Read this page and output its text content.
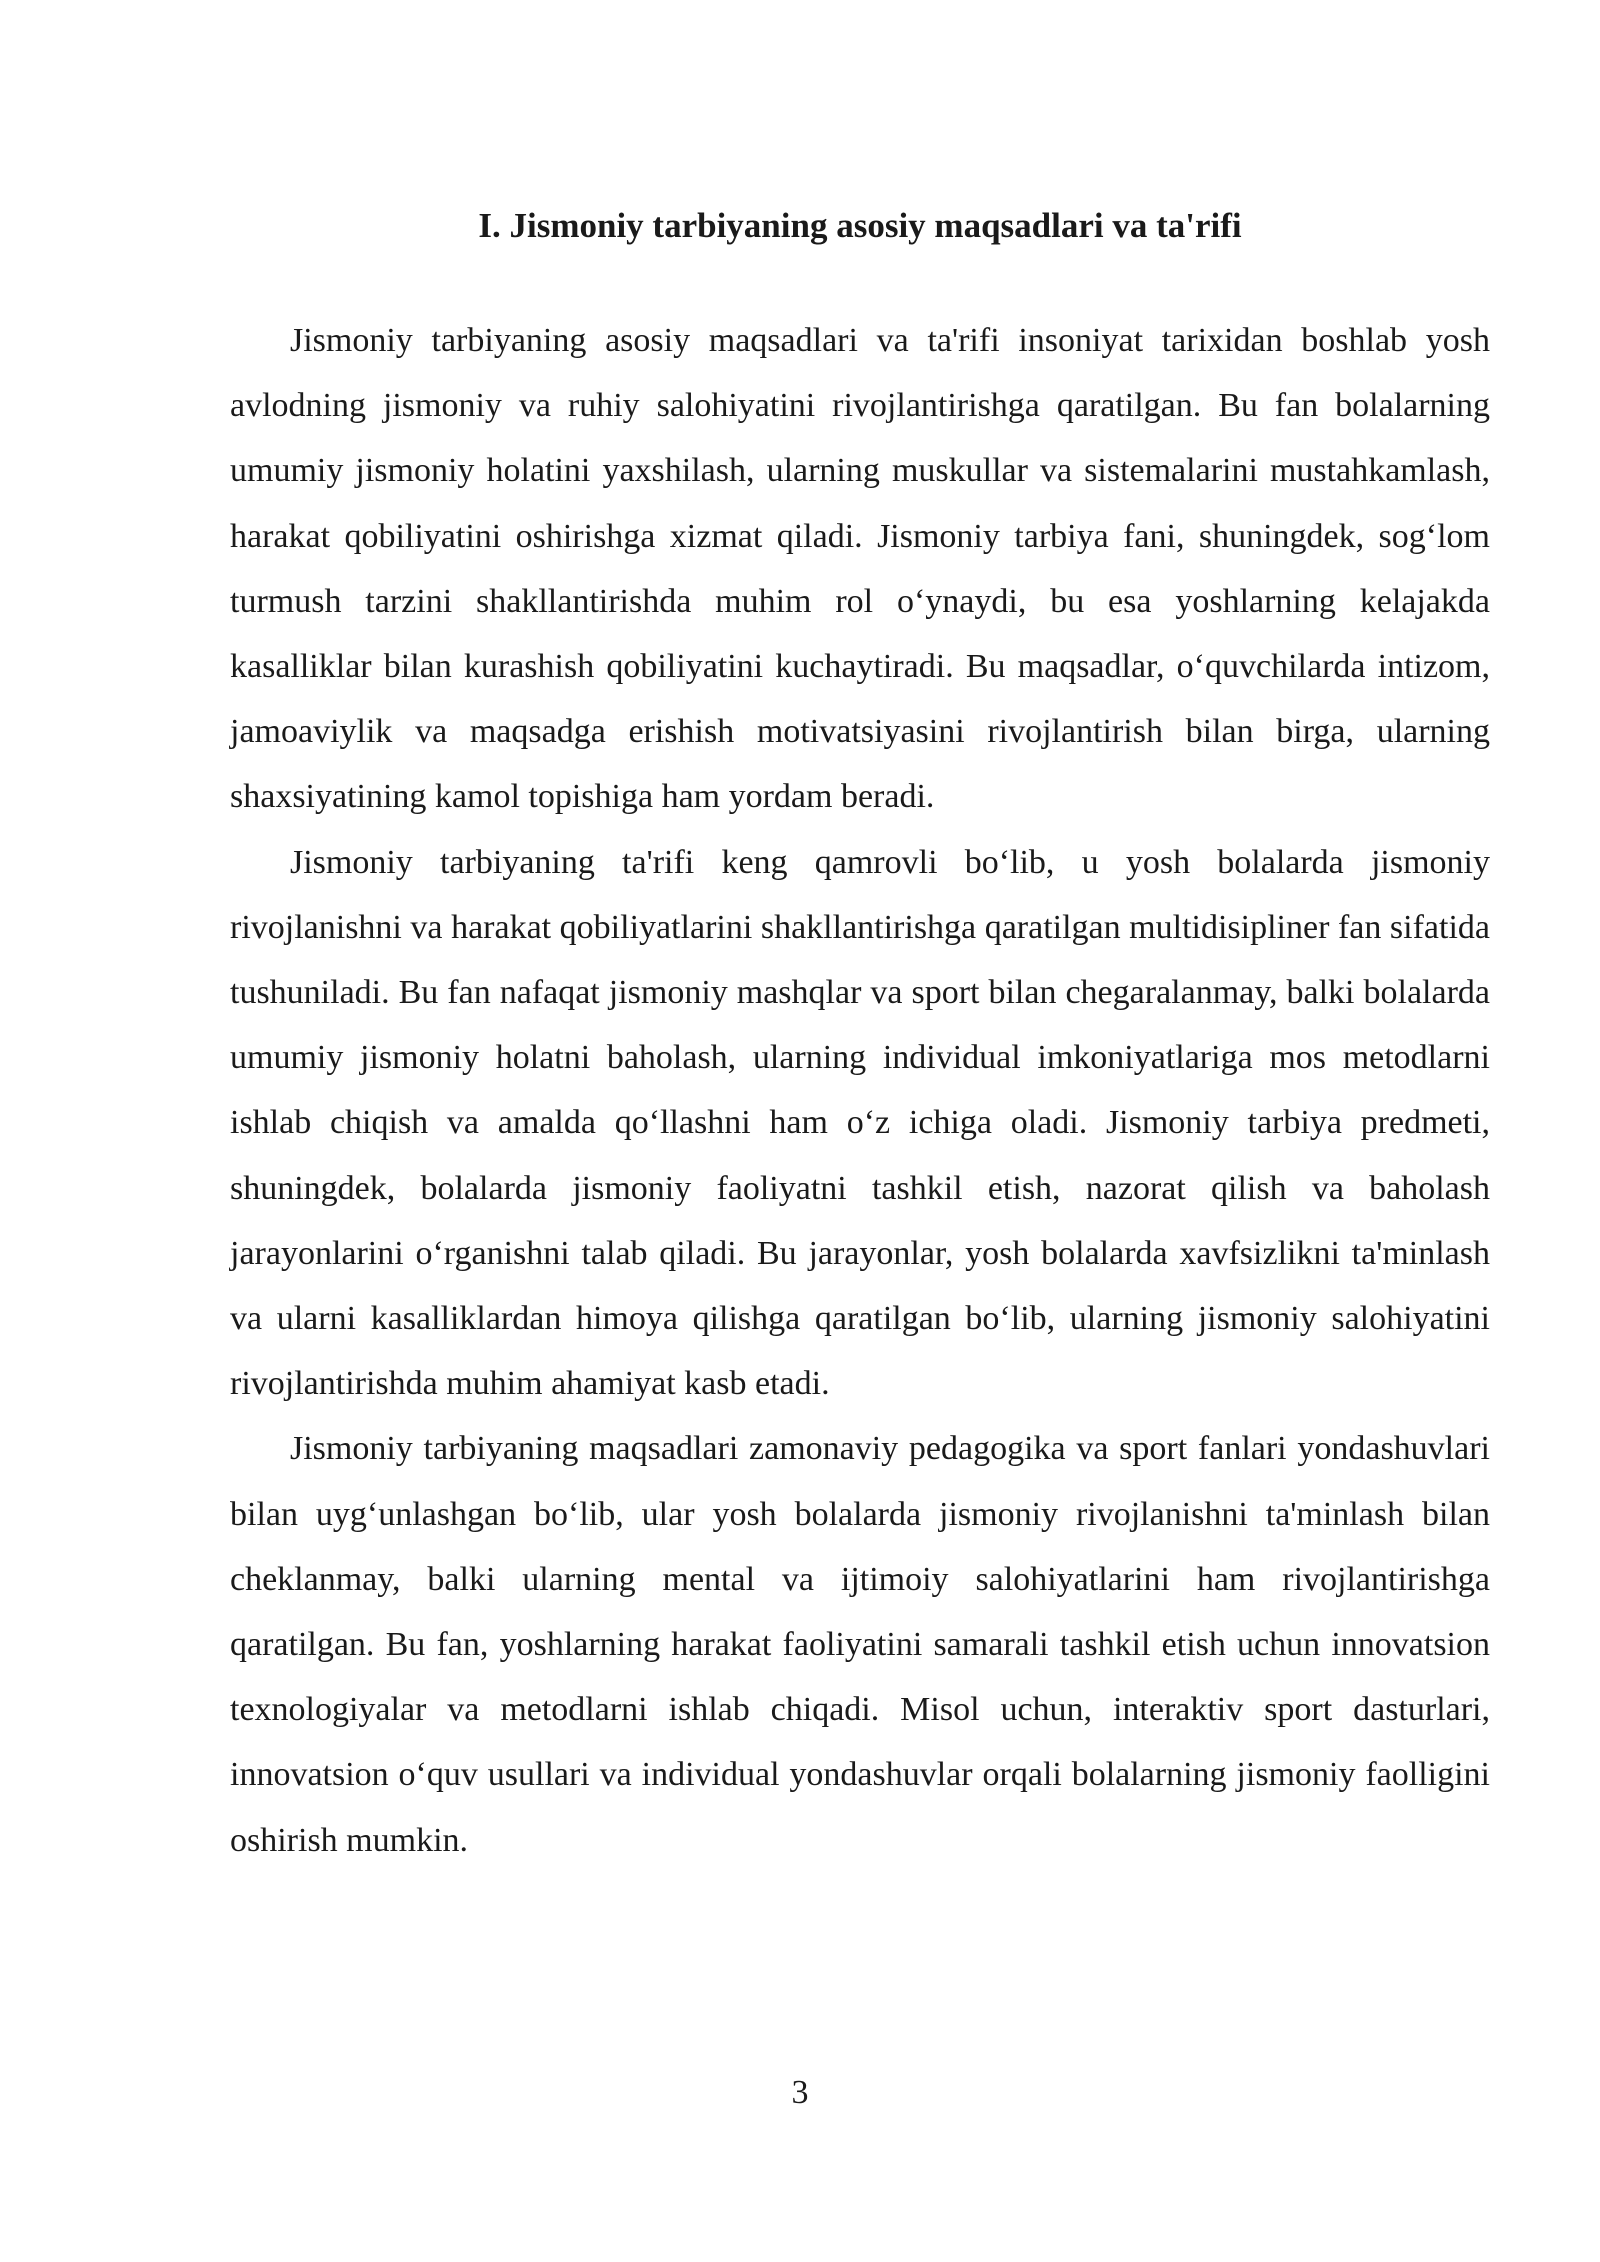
I. Jismoniy tarbiyaning asosiy maqsadlari va ta'rifi

Jismoniy tarbiyaning asosiy maqsadlari va ta'rifi insoniyat tarixidan boshlab yosh avlodning jismoniy va ruhiy salohiyatini rivojlantirishga qaratilgan. Bu fan bolalarning umumiy jismoniy holatini yaxshilash, ularning muskullar va sistemalarini mustahkamlash, harakat qobiliyatini oshirishga xizmat qiladi. Jismoniy tarbiya fani, shuningdek, sog‘lom turmush tarzini shakllantirishda muhim rol o‘ynaydi, bu esa yoshlarning kelajakda kasalliklar bilan kurashish qobiliyatini kuchaytiradi. Bu maqsadlar, o‘quvchilarda intizom, jamoaviylik va maqsadga erishish motivatsiyasini rivojlantirish bilan birga, ularning shaxsiyatining kamol topishiga ham yordam beradi.

Jismoniy tarbiyaning ta'rifi keng qamrovli bo‘lib, u yosh bolalarda jismoniy rivojlanishni va harakat qobiliyatlarini shakllantirishga qaratilgan multidisipliner fan sifatida tushuniladi. Bu fan nafaqat jismoniy mashqlar va sport bilan chegaralanmay, balki bolalarda umumiy jismoniy holatni baholash, ularning individual imkoniyatlariga mos metodlarni ishlab chiqish va amalda qo‘llashni ham o‘z ichiga oladi. Jismoniy tarbiya predmeti, shuningdek, bolalarda jismoniy faoliyatni tashkil etish, nazorat qilish va baholash jarayonlarini o‘rganishni talab qiladi. Bu jarayonlar, yosh bolalarda xavfsizlikni ta'minlash va ularni kasalliklardan himoya qilishga qaratilgan bo‘lib, ularning jismoniy salohiyatini rivojlantirishda muhim ahamiyat kasb etadi.

Jismoniy tarbiyaning maqsadlari zamonaviy pedagogika va sport fanlari yondashuvlari bilan uyg‘unlashgan bo‘lib, ular yosh bolalarda jismoniy rivojlanishni ta'minlash bilan cheklanmay, balki ularning mental va ijtimoiy salohiyatlarini ham rivojlantirishga qaratilgan. Bu fan, yoshlarning harakat faoliyatini samarali tashkil etish uchun innovatsion texnologiyalar va metodlarni ishlab chiqadi. Misol uchun, interaktiv sport dasturlari, innovatsion o‘quv usullari va individual yondashuvlar orqali bolalarning jismoniy faolligini oshirish mumkin.

3
